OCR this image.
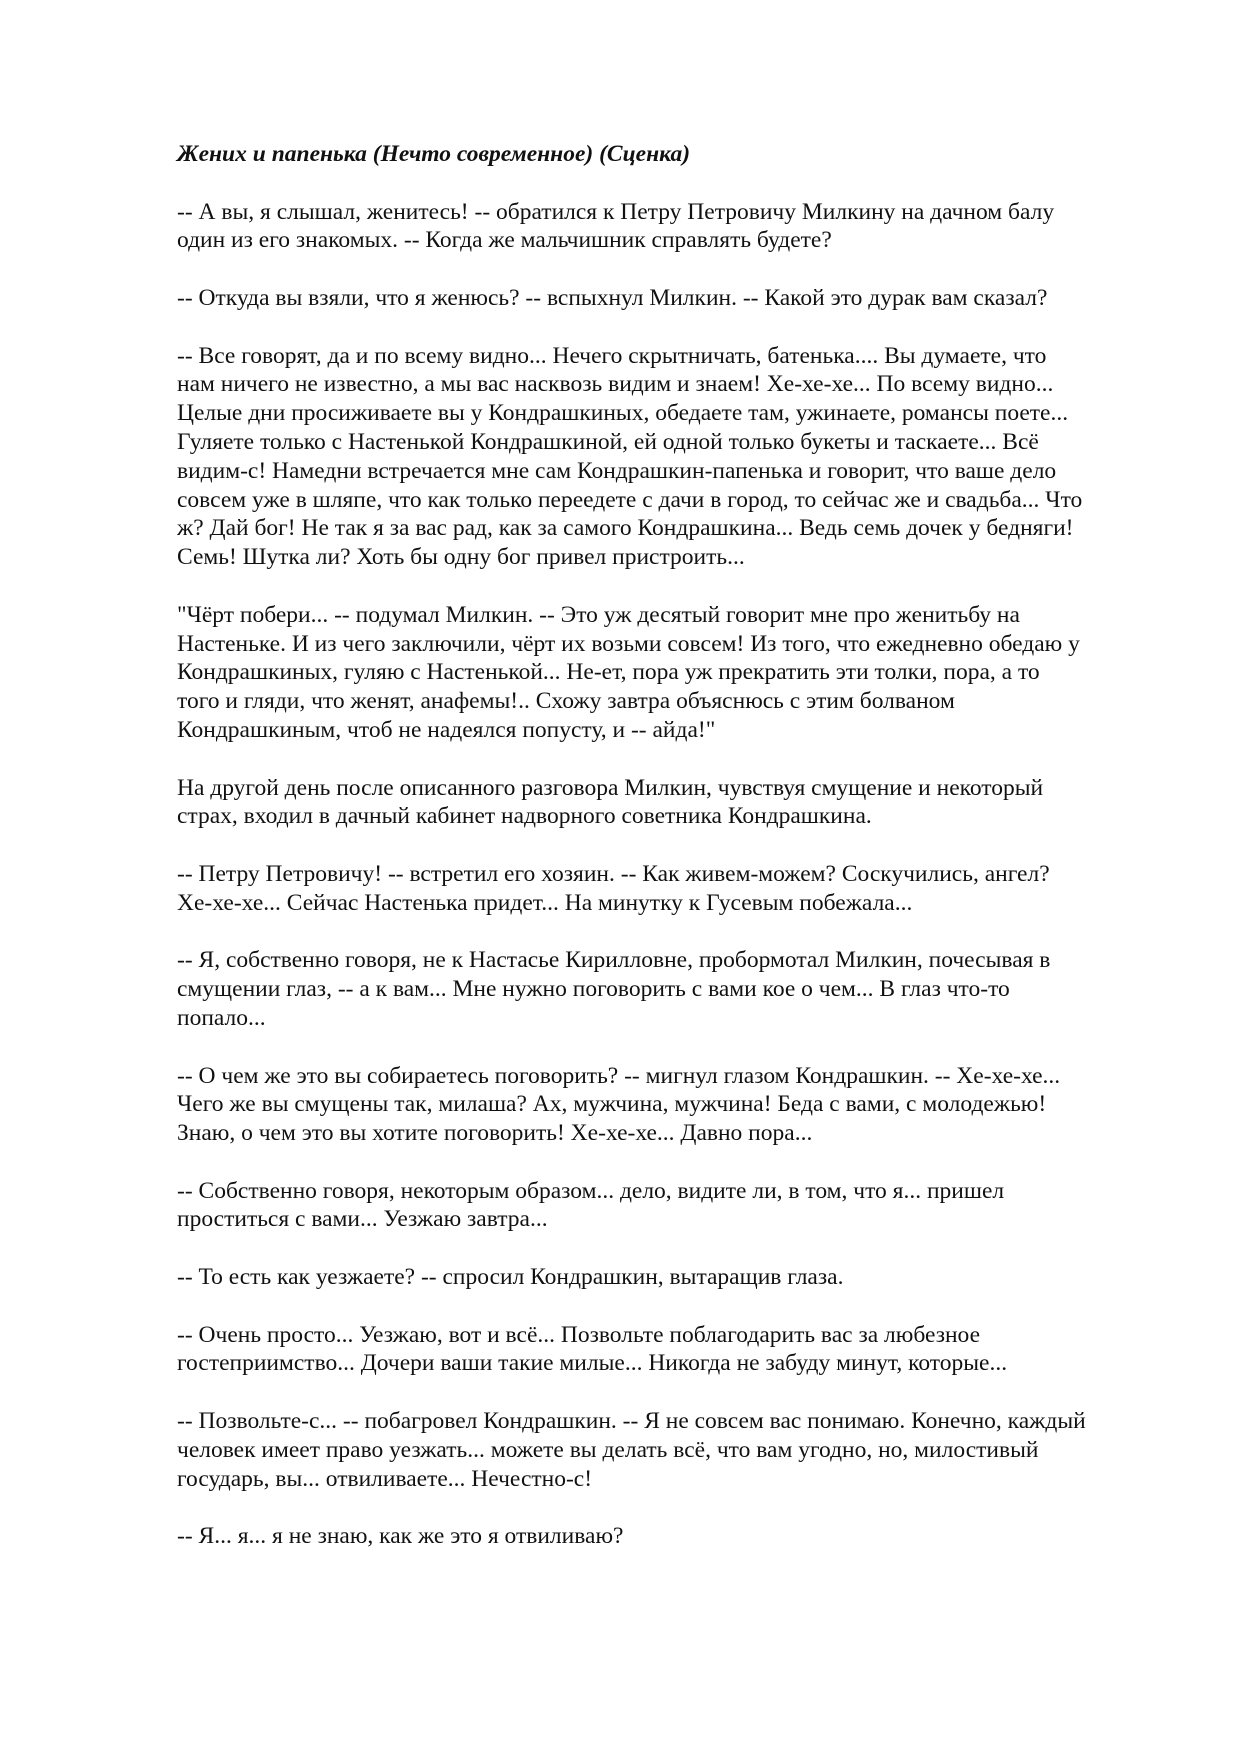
Жених и папенька (Нечто современное) (Сценка)
-- А вы, я слышал, женитесь! -- обратился к Петру Петровичу Милкину на дачном балу
один из его знакомых. -- Когда же мальчишник справлять будете?
-- Откуда вы взяли, что я женюсь? -- вспыхнул Милкин. -- Какой это дурак вам сказал?
-- Все говорят, да и по всему видно... Нечего скрытничать, батенька.... Вы думаете, что
нам ничего не известно, а мы вас насквозь видим и знаем! Хе-хе-хе... По всему видно...
Целые дни просиживаете вы у Кондрашкиных, обедаете там, ужинаете, романсы поете...
Гуляете только с Настенькой Кондрашкиной, ей одной только букеты и таскаете... Всё
видим-с! Намедни встречается мне сам Кондрашкин-папенька и говорит, что ваше дело
совсем уже в шляпе, что как только переедете с дачи в город, то сейчас же и свадьба... Что
ж? Дай бог! Не так я за вас рад, как за самого Кондрашкина... Ведь семь дочек у бедняги!
Семь! Шутка ли? Хоть бы одну бог привел пристроить...
"Чёрт побери... -- подумал Милкин. -- Это уж десятый говорит мне про женитьбу на
Настеньке. И из чего заключили, чёрт их возьми совсем! Из того, что ежедневно обедаю у
Кондрашкиных, гуляю с Настенькой... Не-ет, пора уж прекратить эти толки, пора, а то
того и гляди, что женят, анафемы!.. Схожу завтра объяснюсь с этим болваном
Кондрашкиным, чтоб не надеялся попусту, и -- айда!"
На другой день после описанного разговора Милкин, чувствуя смущение и некоторый
страх, входил в дачный кабинет надворного советника Кондрашкина.
-- Петру Петровичу! -- встретил его хозяин. -- Как живем-можем? Соскучились, ангел?
Хе-хе-хе... Сейчас Настенька придет... На минутку к Гусевым побежала...
-- Я, собственно говоря, не к Настасье Кирилловне, пробормотал Милкин, почесывая в
смущении глаз, -- а к вам... Мне нужно поговорить с вами кое о чем... В глаз что-то
попало...
-- О чем же это вы собираетесь поговорить? -- мигнул глазом Кондрашкин. -- Хе-хе-хе...
Чего же вы смущены так, милаша? Ах, мужчина, мужчина! Беда с вами, с молодежью!
Знаю, о чем это вы хотите поговорить! Хе-хе-хе... Давно пора...
-- Собственно говоря, некоторым образом... дело, видите ли, в том, что я... пришел
проститься с вами... Уезжаю завтра...
-- То есть как уезжаете? -- спросил Кондрашкин, вытаращив глаза.
-- Очень просто... Уезжаю, вот и всё... Позвольте поблагодарить вас за любезное
гостеприимство... Дочери ваши такие милые... Никогда не забуду минут, которые...
-- Позвольте-с... -- побагровел Кондрашкин. -- Я не совсем вас понимаю. Конечно, каждый
человек имеет право уезжать... можете вы делать всё, что вам угодно, но, милостивый
государь, вы... отвиливаете... Нечестно-с!
-- Я... я... я не знаю, как же это я отвиливаю?
